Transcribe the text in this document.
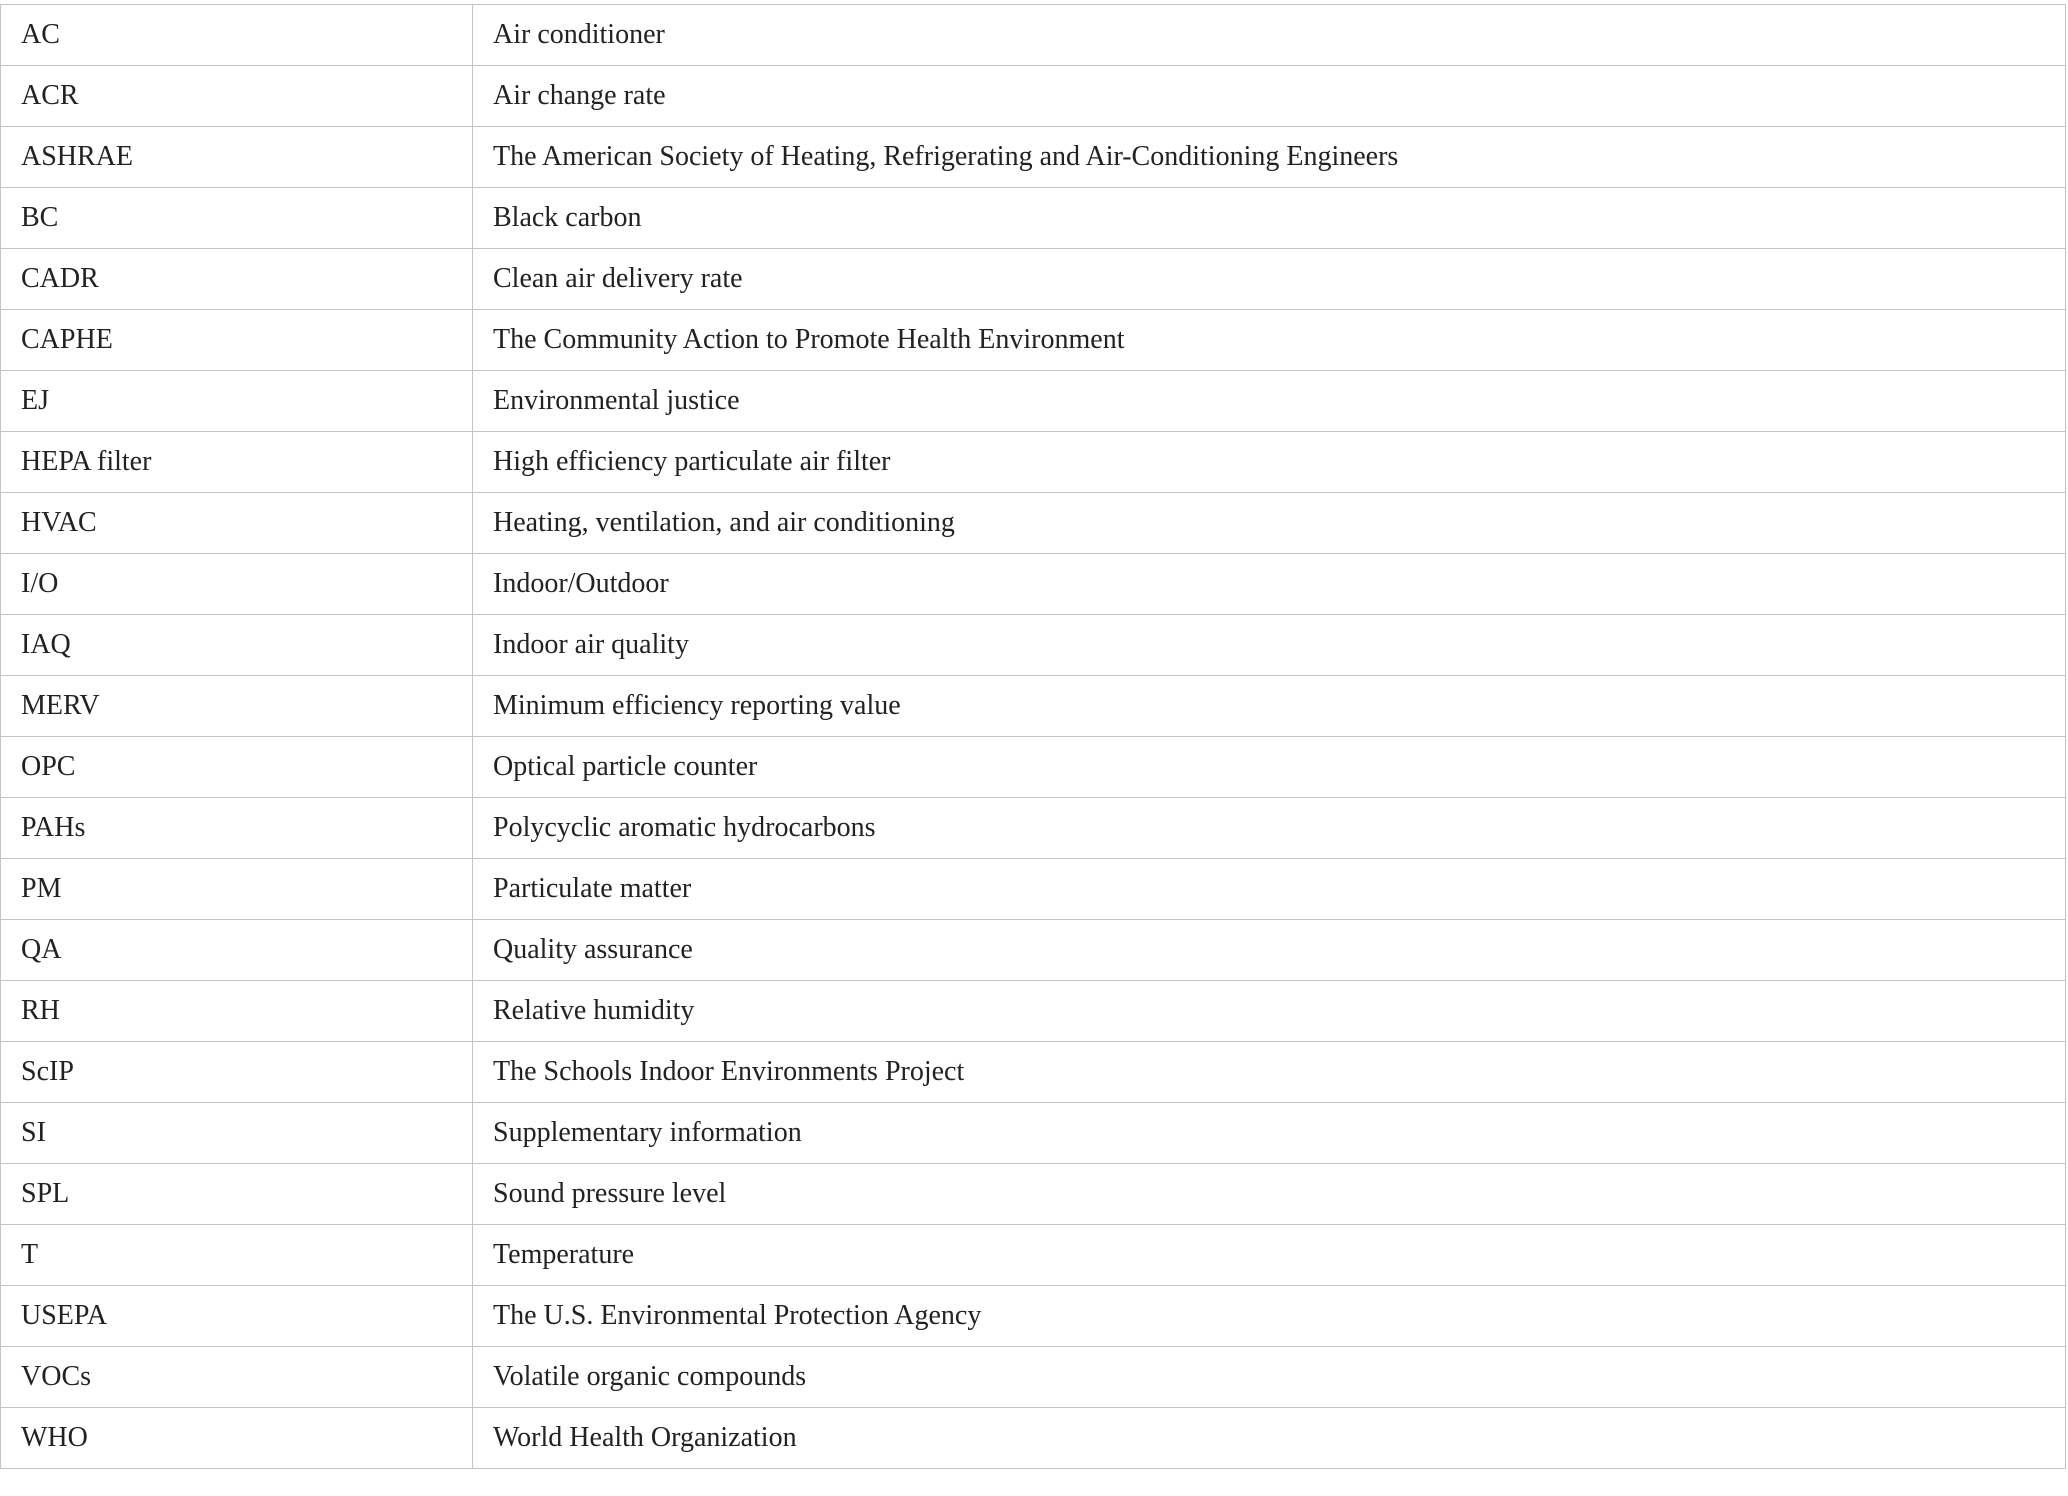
AC	Air conditioner
ACR	Air change rate
ASHRAE	The American Society of Heating, Refrigerating and Air-Conditioning Engineers
BC	Black carbon
CADR	Clean air delivery rate
CAPHE	The Community Action to Promote Health Environment
EJ	Environmental justice
HEPA filter	High efficiency particulate air filter
HVAC	Heating, ventilation, and air conditioning
I/O	Indoor/Outdoor
IAQ	Indoor air quality
MERV	Minimum efficiency reporting value
OPC	Optical particle counter
PAHs	Polycyclic aromatic hydrocarbons
PM	Particulate matter
QA	Quality assurance
RH	Relative humidity
ScIP	The Schools Indoor Environments Project
SI	Supplementary information
SPL	Sound pressure level
T	Temperature
USEPA	The U.S. Environmental Protection Agency
VOCs	Volatile organic compounds
WHO	World Health Organization
